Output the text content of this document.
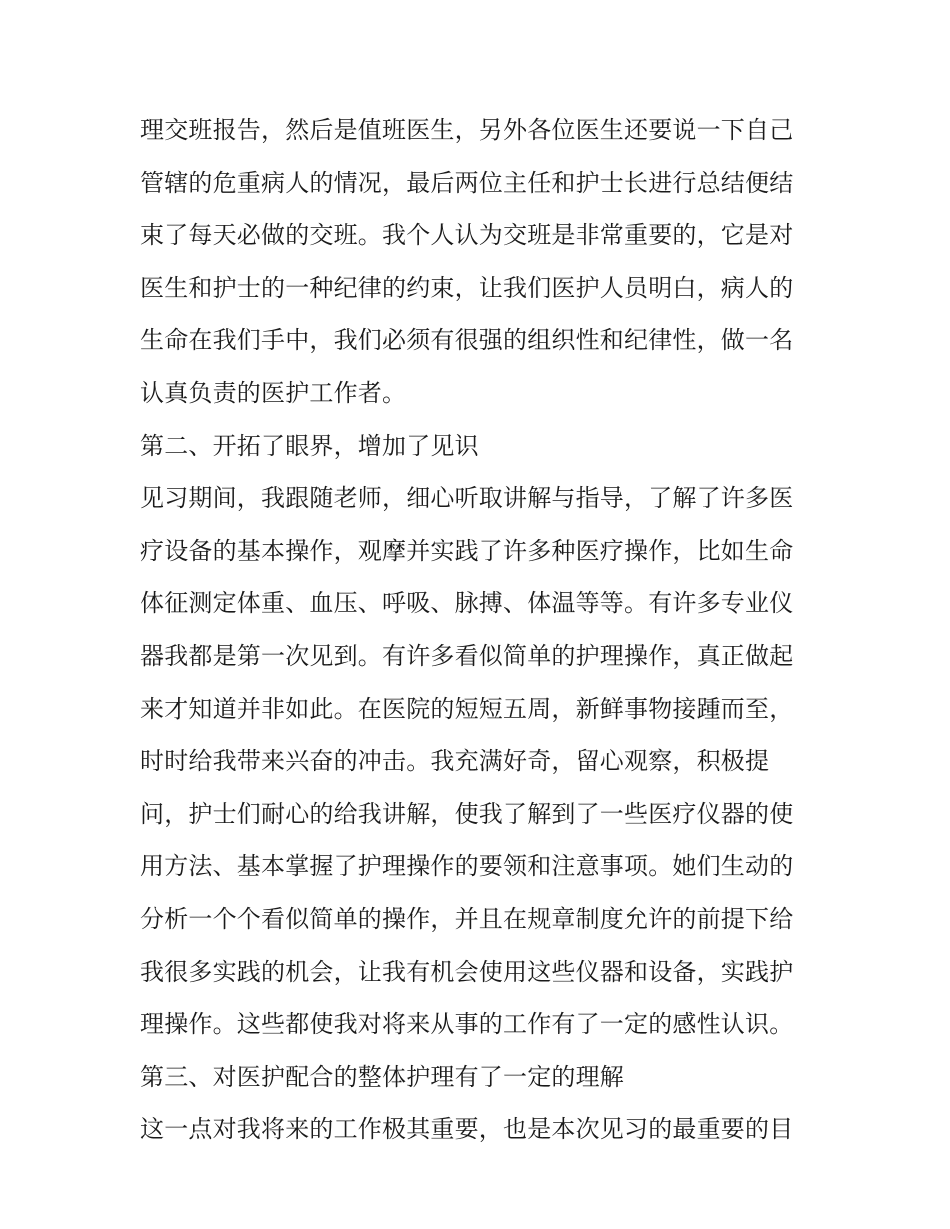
理交班报告，然后是值班医生，另外各位医生还要说一下自己
管辖的危重病人的情况，最后两位主任和护士长进行总结便结
束了每天必做的交班。我个人认为交班是非常重要的，它是对
医生和护士的一种纪律的约束，让我们医护人员明白，病人的
生命在我们手中，我们必须有很强的组织性和纪律性，做一名
认真负责的医护工作者。
第二、开拓了眼界，增加了见识
见习期间，我跟随老师，细心听取讲解与指导，了解了许多医
疗设备的基本操作，观摩并实践了许多种医疗操作，比如生命
体征测定体重、血压、呼吸、脉搏、体温等等。有许多专业仪
器我都是第一次见到。有许多看似简单的护理操作，真正做起
来才知道并非如此。在医院的短短五周，新鲜事物接踵而至，
时时给我带来兴奋的冲击。我充满好奇，留心观察，积极提
问，护士们耐心的给我讲解，使我了解到了一些医疗仪器的使
用方法、基本掌握了护理操作的要领和注意事项。她们生动的
分析一个个看似简单的操作，并且在规章制度允许的前提下给
我很多实践的机会，让我有机会使用这些仪器和设备，实践护
理操作。这些都使我对将来从事的工作有了一定的感性认识。
第三、对医护配合的整体护理有了一定的理解
这一点对我将来的工作极其重要，也是本次见习的最重要的目
